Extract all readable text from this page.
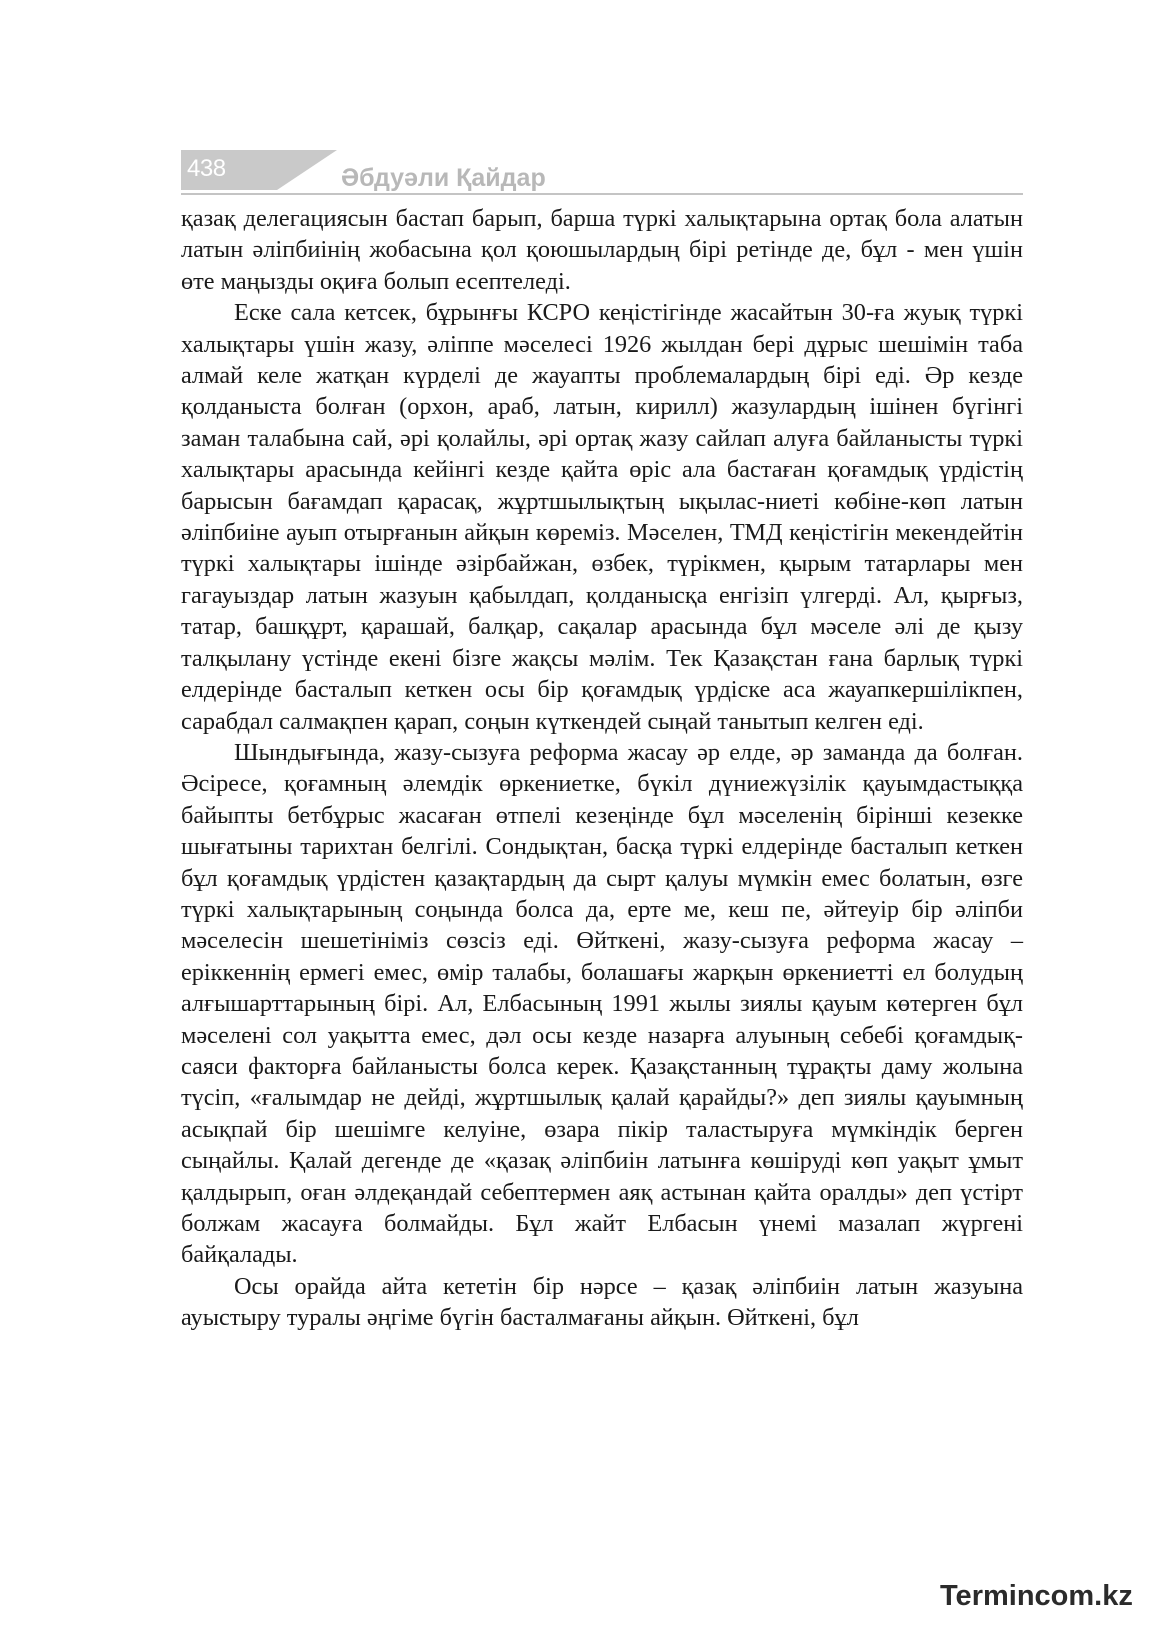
438	Әбдуәли Қайдар

қазақ делегациясын бастап барып, барша түркі халықтарына ортақ бола алатын латын әліпбиінің жобасына қол қоюшылардың бірі ретінде де, бұл - мен үшін өте маңызды оқиға болып есептеледі.

Еске сала кетсек, бұрынғы КСРО кеңістігінде жасайтын 30-ға жуық түркі халықтары үшін жазу, әліппе мәселесі 1926 жылдан бері дұрыс шешімін таба алмай келе жатқан күрделі де жауапты проблемалардың бірі еді. Әр кезде қолданыста болған (орхон, араб, латын, кирилл) жазулардың ішінен бүгінгі заман талабына сай, әрі қолайлы, әрі ортақ жазу сайлап алуға байланысты түркі халықтары арасында кейінгі кезде қайта өріс ала бастаған қоғамдық үрдістің барысын бағамдап қарасақ, жұртшылықтың ықылас-ниеті көбіне-көп латын әліпбиіне ауып отырғанын айқын көреміз. Мәселен, ТМД кеңістігін мекендейтін түркі халықтары ішінде әзірбайжан, өзбек, түрікмен, қырым татарлары мен гагауыздар латын жазуын қабылдап, қолданысқа енгізіп үлгерді. Ал, қырғыз, татар, башқұрт, қарашай, балқар, сақалар арасында бұл мәселе әлі де қызу талқылану үстінде екені бізге жақсы мәлім. Тек Қазақстан ғана барлық түркі елдерінде басталып кеткен осы бір қоғамдық үрдіске аса жауапкершілікпен, сарабдал салмақпен қарап, соңын күткендей сыңай танытып келген еді.

Шындығында, жазу-сызуға реформа жасау әр елде, әр заманда да болған. Әсіресе, қоғамның әлемдік өркениетке, бүкіл дүниежүзілік қауымдастыққа байыпты бетбұрыс жасаған өтпелі кезеңінде бұл мәселенің бірінші кезекке шығатыны тарихтан белгілі. Сондықтан, басқа түркі елдерінде басталып кеткен бұл қоғамдық үрдістен қазақтардың да сырт қалуы мүмкін емес болатын, өзге түркі халықтарының соңында болса да, ерте ме, кеш пе, әйтеуір бір әліпби мәселесін шешетініміз сөзсіз еді. Өйткені, жазу-сызуға реформа жасау – еріккеннің ермегі емес, өмір талабы, болашағы жарқын өркениетті ел болудың алғышарттарының бірі. Ал, Елбасының 1991 жылы зиялы қауым көтерген бұл мәселені сол уақытта емес, дәл осы кезде назарға алуының себебі қоғамдық-саяси факторға байланысты болса керек. Қазақстанның тұрақты даму жолына түсіп, «ғалымдар не дейді, жұртшылық қалай қарайды?» деп зиялы қауымның асықпай бір шешімге келуіне, өзара пікір таластыруға мүмкіндік берген сыңайлы. Қалай дегенде де «қазақ әліпбиін латынға көшіруді көп уақыт ұмыт қалдырып, оған әлдеқандай себептермен аяқ астынан қайта оралды» деп үстірт болжам жасауға болмайды. Бұл жайт Елбасын үнемі мазалап жүргені байқалады.

Осы орайда айта кететін бір нәрсе – қазақ әліпбиін латын жазуына ауыстыру туралы әңгіме бүгін басталмағаны айқын. Өйткені, бұл

Termincom.kz
